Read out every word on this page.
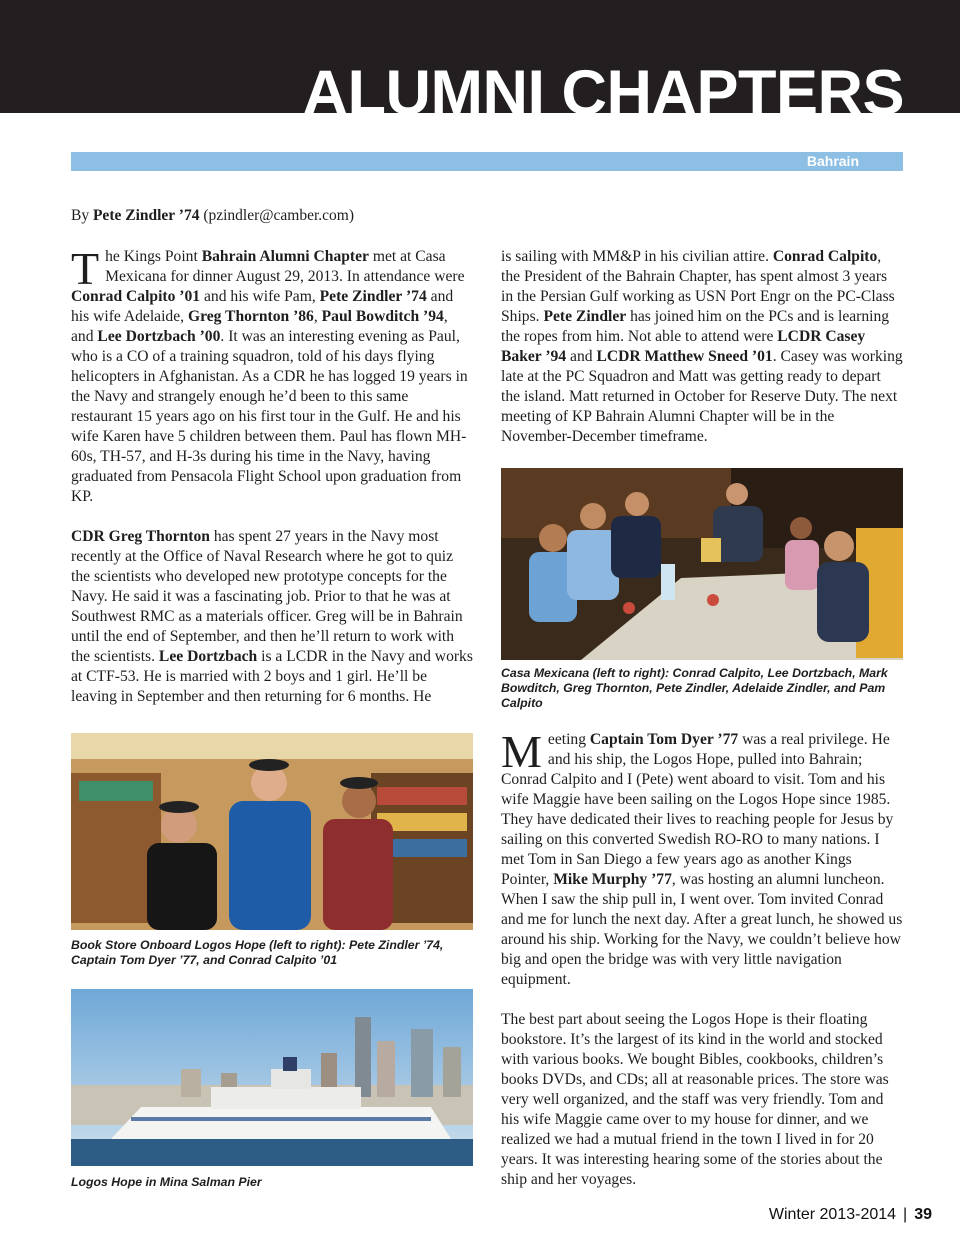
ALUMNI CHAPTERS
Bahrain
By Pete Zindler ’74 (pzindler@camber.com)

The Kings Point Bahrain Alumni Chapter met at Casa Mexicana for dinner August 29, 2013. In attendance were Conrad Calpito ’01 and his wife Pam, Pete Zindler ’74 and his wife Adelaide, Greg Thornton ’86, Paul Bowditch ’94, and Lee Dortzbach ’00. It was an interesting evening as Paul, who is a CO of a training squadron, told of his days flying helicopters in Afghanistan. As a CDR he has logged 19 years in the Navy and strangely enough he’d been to this same restaurant 15 years ago on his first tour in the Gulf. He and his wife Karen have 5 children between them. Paul has flown MH-60s, TH-57, and H-3s during his time in the Navy, having graduated from Pensacola Flight School upon graduation from KP.

CDR Greg Thornton has spent 27 years in the Navy most recently at the Office of Naval Research where he got to quiz the scientists who developed new prototype concepts for the Navy. He said it was a fascinating job. Prior to that he was at Southwest RMC as a materials officer. Greg will be in Bahrain until the end of September, and then he’ll return to work with the scientists. Lee Dortzbach is a LCDR in the Navy and works at CTF-53. He is married with 2 boys and 1 girl. He’ll be leaving in September and then returning for 6 months. He

is sailing with MM&P in his civilian attire. Conrad Calpito, the President of the Bahrain Chapter, has spent almost 3 years in the Persian Gulf working as USN Port Engr on the PC-Class Ships. Pete Zindler has joined him on the PCs and is learning the ropes from him. Not able to attend were LCDR Casey Baker ’94 and LCDR Matthew Sneed ’01. Casey was working late at the PC Squadron and Matt was getting ready to depart the island. Matt returned in October for Reserve Duty. The next meeting of KP Bahrain Alumni Chapter will be in the November-December timeframe.

Casa Mexicana (left to right): Conrad Calpito, Lee Dortzbach, Mark Bowditch, Greg Thornton, Pete Zindler, Adelaide Zindler, and Pam Calpito

Meeting Captain Tom Dyer ’77 was a real privilege. He and his ship, the Logos Hope, pulled into Bahrain; Conrad Calpito and I (Pete) went aboard to visit. Tom and his wife Maggie have been sailing on the Logos Hope since 1985. They have dedicated their lives to reaching people for Jesus by sailing on this converted Swedish RO-RO to many nations. I met Tom in San Diego a few years ago as another Kings Pointer, Mike Murphy ’77, was hosting an alumni luncheon. When I saw the ship pull in, I went over. Tom invited Conrad and me for lunch the next day. After a great lunch, he showed us around his ship. Working for the Navy, we couldn’t believe how big and open the bridge was with very little navigation equipment.

The best part about seeing the Logos Hope is their floating bookstore. It’s the largest of its kind in the world and stocked with various books. We bought Bibles, cookbooks, children’s books DVDs, and CDs; all at reasonable prices. The store was very well organized, and the staff was very friendly. Tom and his wife Maggie came over to my house for dinner, and we realized we had a mutual friend in the town I lived in for 20 years. It was interesting hearing some of the stories about the ship and her voyages.

Book Store Onboard Logos Hope (left to right): Pete Zindler ’74, Captain Tom Dyer ’77, and Conrad Calpito ’01
Logos Hope in Mina Salman Pier
Winter 2013-2014 | 39
